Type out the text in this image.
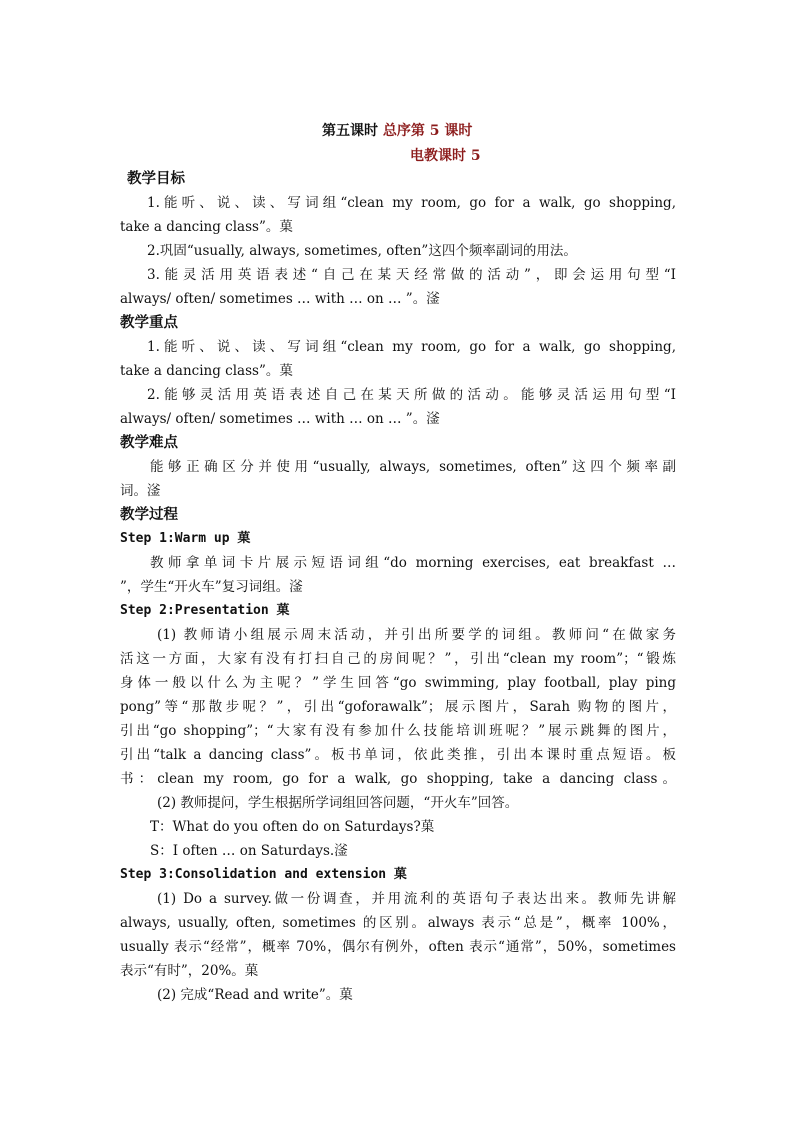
第五课时 总序第 5 课时
电教课时 5
教学目标
1.能听、说、读、写词组“clean my room, go for a walk, go shopping,
take a dancing class”。菓
2.巩固“usually, always, sometimes, often”这四个频率副词的用法。
3.能灵活用英语表述“自己在某天经常做的活动”，即会运用句型“I
always/ often/ sometimes … with … on … ”。滏
教学重点
1.能听、说、读、写词组“clean my room, go for a walk, go shopping,
take a dancing class”。菓
2.能够灵活用英语表述自己在某天所做的活动。能够灵活运用句型“I
always/ often/ sometimes … with … on … ”。滏
教学难点
能够正确区分并使用“usually, always, sometimes, often”这四个频率副
词。滏
教学过程
Step 1:Warm up 菓
教师拿单词卡片展示短语词组“do morning exercises, eat breakfast …
”，学生“开火车”复习词组。滏
Step 2:Presentation 菓
(1) 教师请小组展示周末活动，并引出所要学的词组。教师问“在做家务
活这一方面，大家有没有打扫自己的房间呢？”，引出“clean my room”；“锻炼
身体一般以什么为主呢？”学生回答“go swimming, play football, play ping
pong”等“那散步呢？”，引出“goforawalk”；展示图片，Sarah 购物的图片，
引出“go shopping”；“大家有没有参加什么技能培训班呢？”展示跳舞的图片，
引出“talk a dancing class”。板书单词，依此类推，引出本课时重点短语。板
书：clean my room, go for a walk, go shopping, take a dancing class。
(2) 教师提问，学生根据所学词组回答问题，“开火车”回答。
T：What do you often do on Saturdays?菓
S：I often … on Saturdays.滏
Step 3:Consolidation and extension 菓
(1) Do a survey.做一份调查，并用流利的英语句子表达出来。教师先讲解
always, usually, often, sometimes 的区别。always 表示“总是”，概率 100%，
usually 表示“经常”，概率 70%，偶尔有例外，often 表示“通常”，50%，sometimes
表示“有时”，20%。菓
(2) 完成“Read and write”。菓
